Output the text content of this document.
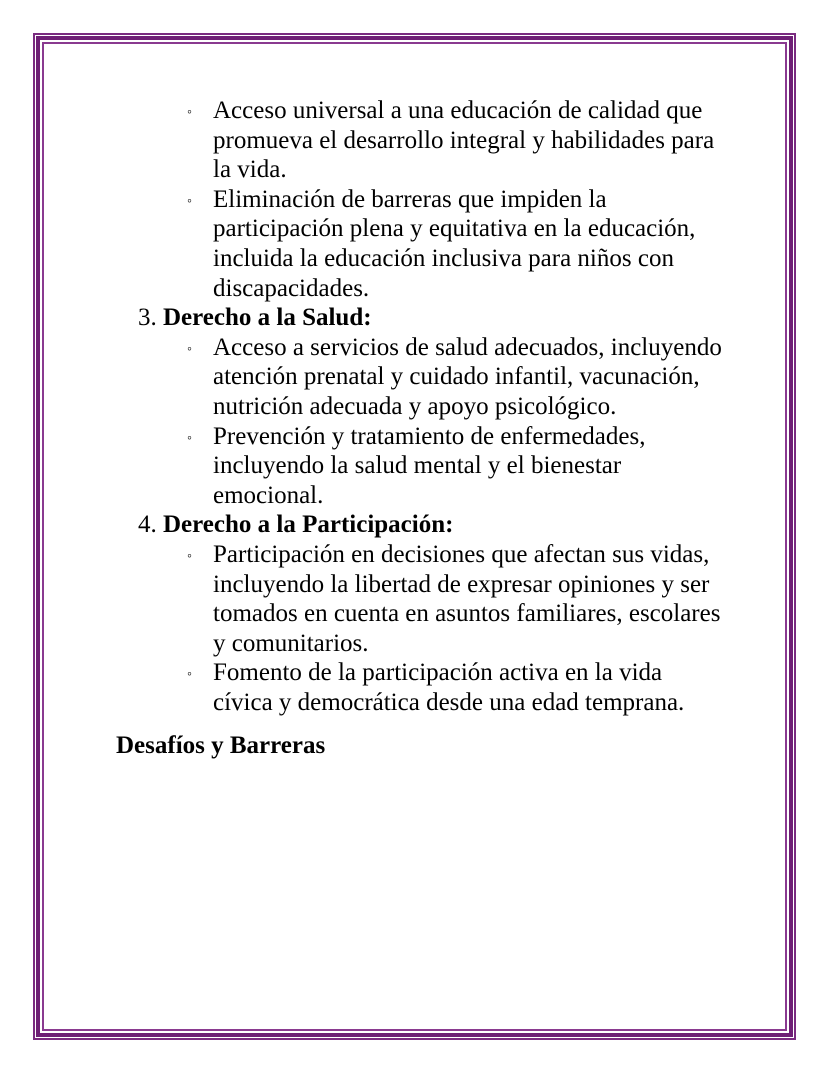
◦ Acceso universal a una educación de calidad que promueva el desarrollo integral y habilidades para la vida.
◦ Eliminación de barreras que impiden la participación plena y equitativa en la educación, incluida la educación inclusiva para niños con discapacidades.
3. Derecho a la Salud:
◦ Acceso a servicios de salud adecuados, incluyendo atención prenatal y cuidado infantil, vacunación, nutrición adecuada y apoyo psicológico.
◦ Prevención y tratamiento de enfermedades, incluyendo la salud mental y el bienestar emocional.
4. Derecho a la Participación:
◦ Participación en decisiones que afectan sus vidas, incluyendo la libertad de expresar opiniones y ser tomados en cuenta en asuntos familiares, escolares y comunitarios.
◦ Fomento de la participación activa en la vida cívica y democrática desde una edad temprana.
Desafíos y Barreras
